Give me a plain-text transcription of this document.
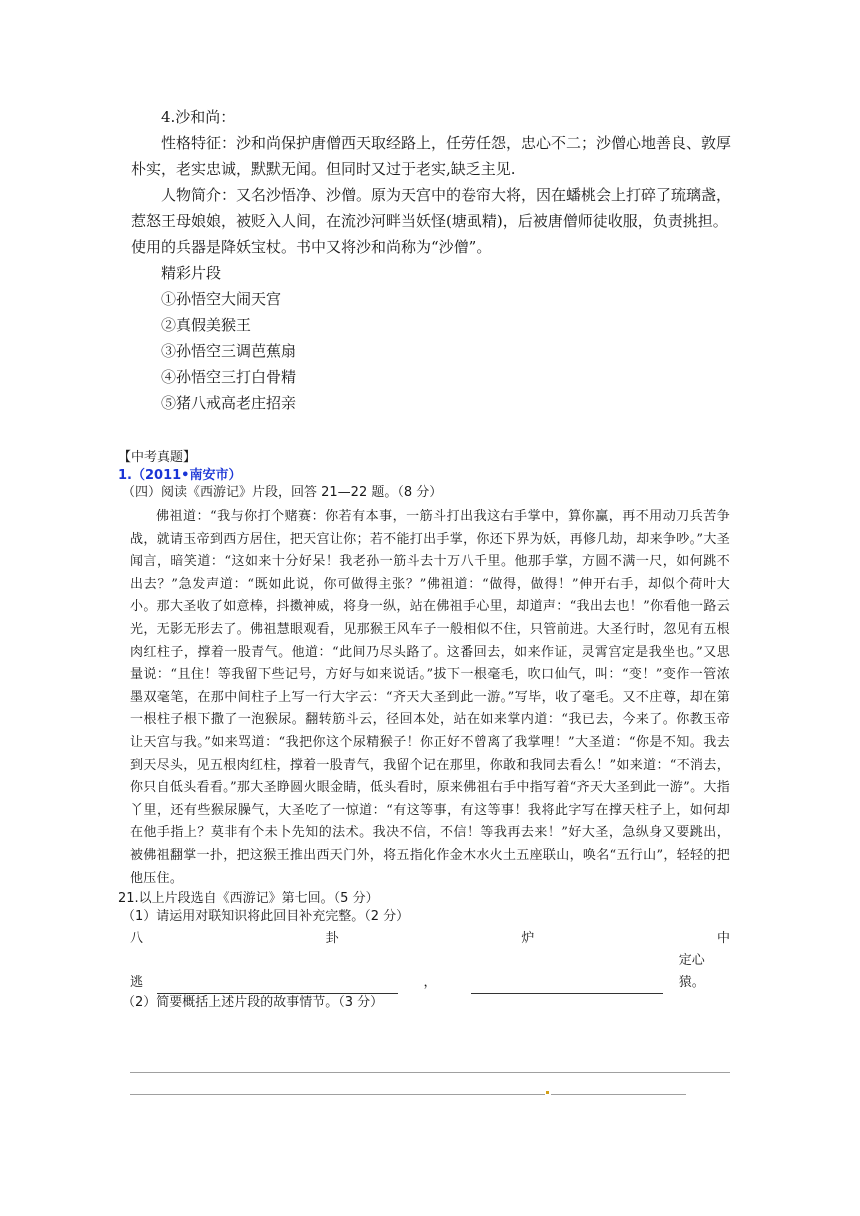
4.沙和尚：

性格特征：沙和尚保护唐僧西天取经路上，任劳任怨，忠心不二；沙僧心地善良、敦厚朴实，老实忠诚，默默无闻。但同时又过于老实,缺乏主见.

人物简介：又名沙悟净、沙僧。原为天宫中的卷帘大将，因在蟠桃会上打碎了琉璃盏，惹怒王母娘娘，被贬入人间，在流沙河畔当妖怪(塘虱精)，后被唐僧师徒收服，负责挑担。使用的兵器是降妖宝杖。书中又将沙和尚称为“沙僧”。

精彩片段

①孙悟空大闹天宫

②真假美猴王

③孙悟空三调芭蕉扇

④孙悟空三打白骨精

⑤猪八戒高老庄招亲

【中考真题】

1.（2011•南安市）

（四）阅读《西游记》片段，回答 21—22 题。（8 分）

佛祖道：“我与你打个赌赛：你若有本事，一筋斗打出我这右手掌中，算你赢，再不用动刀兵苦争战，就请玉帝到西方居住，把天宫让你；若不能打出手掌，你还下界为妖，再修几劫，却来争吵。”大圣闻言，暗笑道：“这如来十分好呆！我老孙一筋斗去十万八千里。他那手掌，方圆不满一尺，如何跳不出去？”急发声道：“既如此说，你可做得主张？”佛祖道：“做得，做得！”伸开右手，却似个荷叶大小。那大圣收了如意棒，抖擞神威，将身一纵，站在佛祖手心里，却道声：“我出去也！”你看他一路云光，无影无形去了。佛祖慧眼观看，见那猴王风车子一般相似不住，只管前进。大圣行时，忽见有五根肉红柱子，撑着一股青气。他道：“此间乃尽头路了。这番回去，如来作证，灵霄宫定是我坐也。”又思量说：“且住！等我留下些记号，方好与如来说话。”拔下一根毫毛，吹口仙气，叫：“变！”变作一管浓墨双毫笔，在那中间柱子上写一行大字云：“齐天大圣到此一游。”写毕，收了毫毛。又不庄尊，却在第一根柱子根下撒了一泡猴尿。翻转筋斗云，径回本处，站在如来掌内道：“我已去，今来了。你教玉帝让天宫与我。”如来骂道：“我把你这个尿精猴子！你正好不曾离了我掌哩！”大圣道：“你是不知。我去到天尽头，见五根肉红柱，撑着一股青气，我留个记在那里，你敢和我同去看么！”如来道：“不消去，你只自低头看看。”那大圣睁圆火眼金睛，低头看时，原来佛祖右手中指写着“齐天大圣到此一游”。大指丫里，还有些猴尿臊气，大圣吃了一惊道：“有这等事，有这等事！我将此字写在撑天柱子上，如何却在他手指上？莫非有个未卜先知的法术。我决不信，不信！等我再去来！”好大圣，急纵身又要跳出，被佛祖翻掌一扑，把这猴王推出西天门外，将五指化作金木水火土五座联山，唤名“五行山”，轻轻的把他压住。

21.以上片段选自《西游记》第七回。（5 分）

（1）请运用对联知识将此回目补充完整。（2 分）

八	卦	炉	中
逃	，
定心猿。

（2）简要概括上述片段的故事情节。（3 分）
